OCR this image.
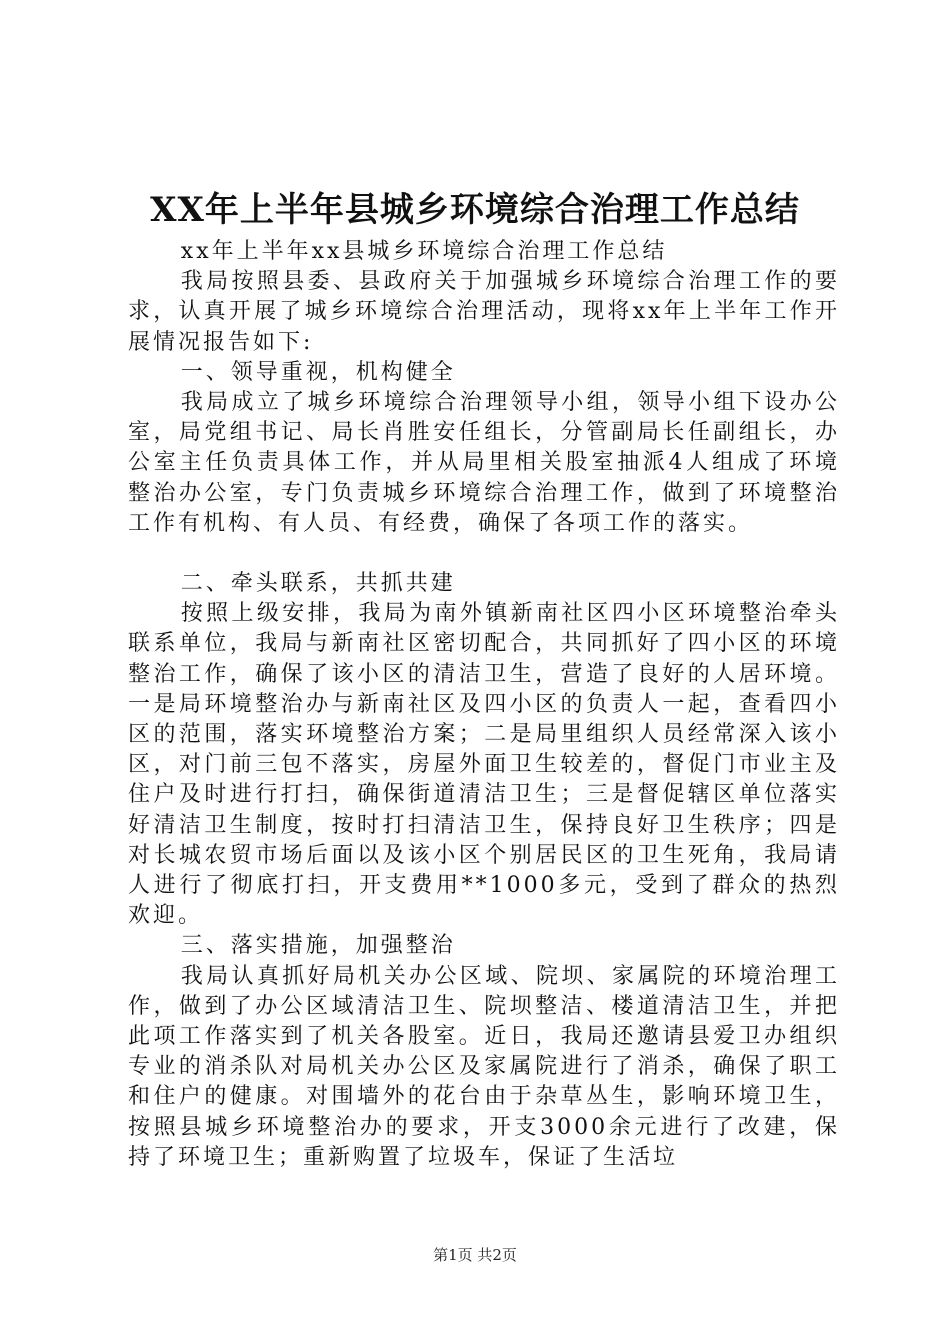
XX年上半年县城乡环境综合治理工作总结

xx年上半年xx县城乡环境综合治理工作总结

我局按照县委、县政府关于加强城乡环境综合治理工作的要求，认真开展了城乡环境综合治理活动，现将xx年上半年工作开展情况报告如下:

一、领导重视，机构健全

我局成立了城乡环境综合治理领导小组，领导小组下设办公室，局党组书记、局长肖胜安任组长，分管副局长任副组长，办公室主任负责具体工作，并从局里相关股室抽派4人组成了环境整治办公室，专门负责城乡环境综合治理工作，做到了环境整治工作有机构、有人员、有经费，确保了各项工作的落实。

二、牵头联系，共抓共建

按照上级安排，我局为南外镇新南社区四小区环境整治牵头联系单位，我局与新南社区密切配合，共同抓好了四小区的环境整治工作，确保了该小区的清洁卫生，营造了良好的人居环境。一是局环境整治办与新南社区及四小区的负责人一起，查看四小区的范围，落实环境整治方案；二是局里组织人员经常深入该小区，对门前三包不落实，房屋外面卫生较差的，督促门市业主及住户及时进行打扫，确保街道清洁卫生；三是督促辖区单位落实好清洁卫生制度，按时打扫清洁卫生，保持良好卫生秩序；四是对长城农贸市场后面以及该小区个别居民区的卫生死角，我局请人进行了彻底打扫，开支费用**1000多元，受到了群众的热烈欢迎。

三、落实措施，加强整治

我局认真抓好局机关办公区域、院坝、家属院的环境治理工作，做到了办公区域清洁卫生、院坝整洁、楼道清洁卫生，并把此项工作落实到了机关各股室。近日，我局还邀请县爱卫办组织专业的消杀队对局机关办公区及家属院进行了消杀，确保了职工和住户的健康。对围墙外的花台由于杂草丛生，影响环境卫生，按照县城乡环境整治办的要求，开支3000余元进行了改建，保持了环境卫生；重新购置了垃圾车，保证了生活垃

第1页 共2页
